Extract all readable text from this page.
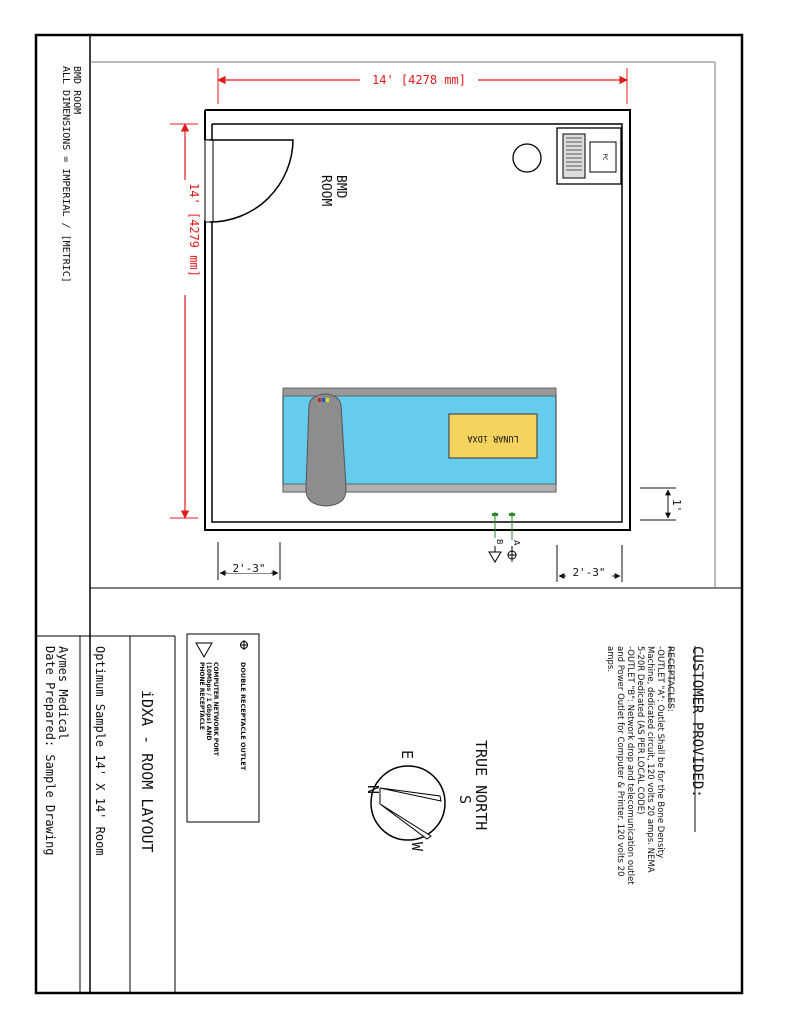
BMD ROOM
ALL DIMENSIONS = IMPERIAL / [METRIC]	BMD
ROOM
14' [4278 mm]
14' [4279 mm]
2'-3"	2'-3"
1'
LUNAR iDXA
PC
A
B
DOUBLE RECEPTACLE OUTLET
COMPUTER NETWORK PORT
(10Mbps / 1 Gbps) AND
PHONE RECEPTACLE
TRUE NORTH
E
N
S
W
CUSTOMER PROVIDED:
RECEPTACLES:
-OUTLET "A": Outlet Shall be for the Bone Density
Machine, dedicated circuit, 120 volts 20 amps. NEMA
5-20R Dedicated (AS PER LOCAL CODE)
-OUTLET "B": Network drop and telecomunication outlet
and Power Outlet for Computer & Printer. 120 volts 20
amps.
iDXA - ROOM LAYOUT
Optimum Sample 14' X 14' Room
Aymes Medical
Date Prepared: Sample Drawing
